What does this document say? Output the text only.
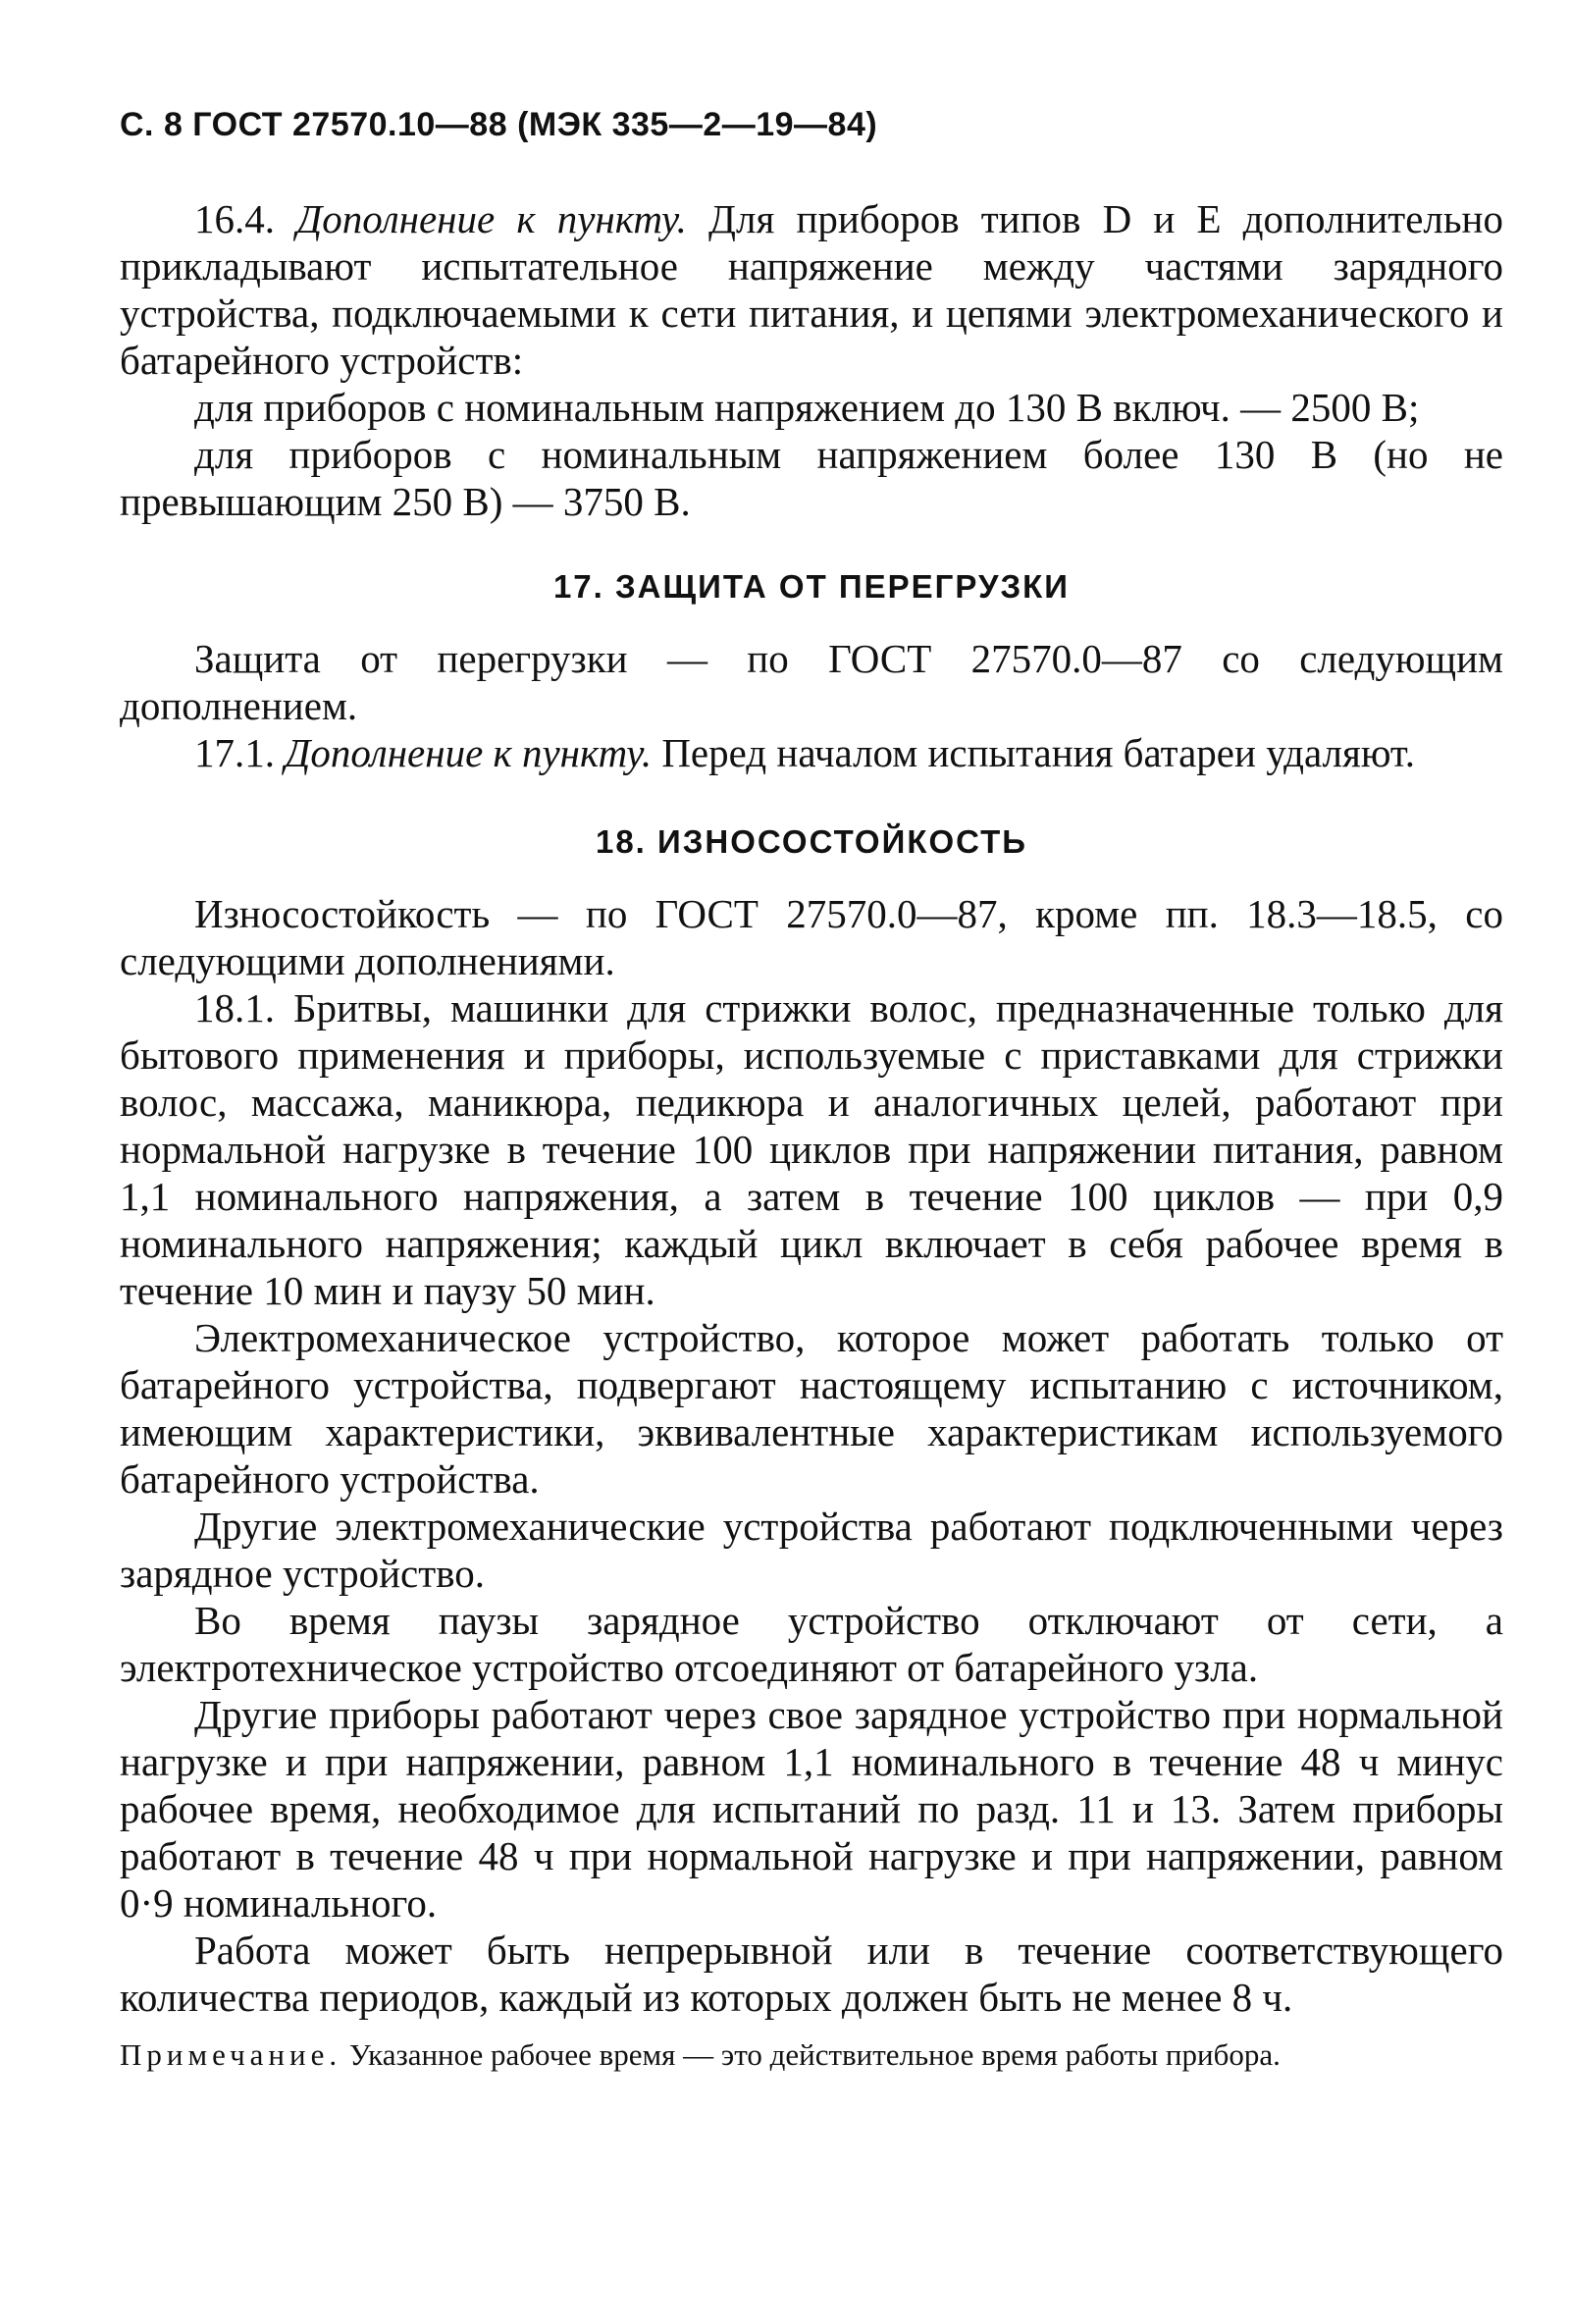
С. 8 ГОСТ 27570.10—88 (МЭК 335—2—19—84)

16.4. Дополнение к пункту. Для приборов типов D и E дополнительно прикладывают испытательное напряжение между частями зарядного устройства, подключаемыми к сети питания, и цепями электромеханического и батарейного устройств:

для приборов с номинальным напряжением до 130 В включ. — 2500 В;

для приборов с номинальным напряжением более 130 В (но не превышающим 250 В) — 3750 В.

17. ЗАЩИТА ОТ ПЕРЕГРУЗКИ

Защита от перегрузки — по ГОСТ 27570.0—87 со следующим дополнением.

17.1. Дополнение к пункту. Перед началом испытания батареи удаляют.

18. ИЗНОСОСТОЙКОСТЬ

Износостойкость — по ГОСТ 27570.0—87, кроме пп. 18.3—18.5, со следующими дополнениями.

18.1. Бритвы, машинки для стрижки волос, предназначенные только для бытового применения и приборы, используемые с приставками для стрижки волос, массажа, маникюра, педикюра и аналогичных целей, работают при нормальной нагрузке в течение 100 циклов при напряжении питания, равном 1,1 номинального напряжения, а затем в течение 100 циклов — при 0,9 номинального напряжения; каждый цикл включает в себя рабочее время в течение 10 мин и паузу 50 мин.

Электромеханическое устройство, которое может работать только от батарейного устройства, подвергают настоящему испытанию с источником, имеющим характеристики, эквивалентные характеристикам используемого батарейного устройства.

Другие электромеханические устройства работают подключенными через зарядное устройство.

Во время паузы зарядное устройство отключают от сети, а электротехническое устройство отсоединяют от батарейного узла.

Другие приборы работают через свое зарядное устройство при нормальной нагрузке и при напряжении, равном 1,1 номинального в течение 48 ч минус рабочее время, необходимое для испытаний по разд. 11 и 13. Затем приборы работают в течение 48 ч при нормальной нагрузке и при напряжении, равном 0·9 номинального.

Работа может быть непрерывной или в течение соответствующего количества периодов, каждый из которых должен быть не менее 8 ч.

Примечание. Указанное рабочее время — это действительное время работы прибора.
